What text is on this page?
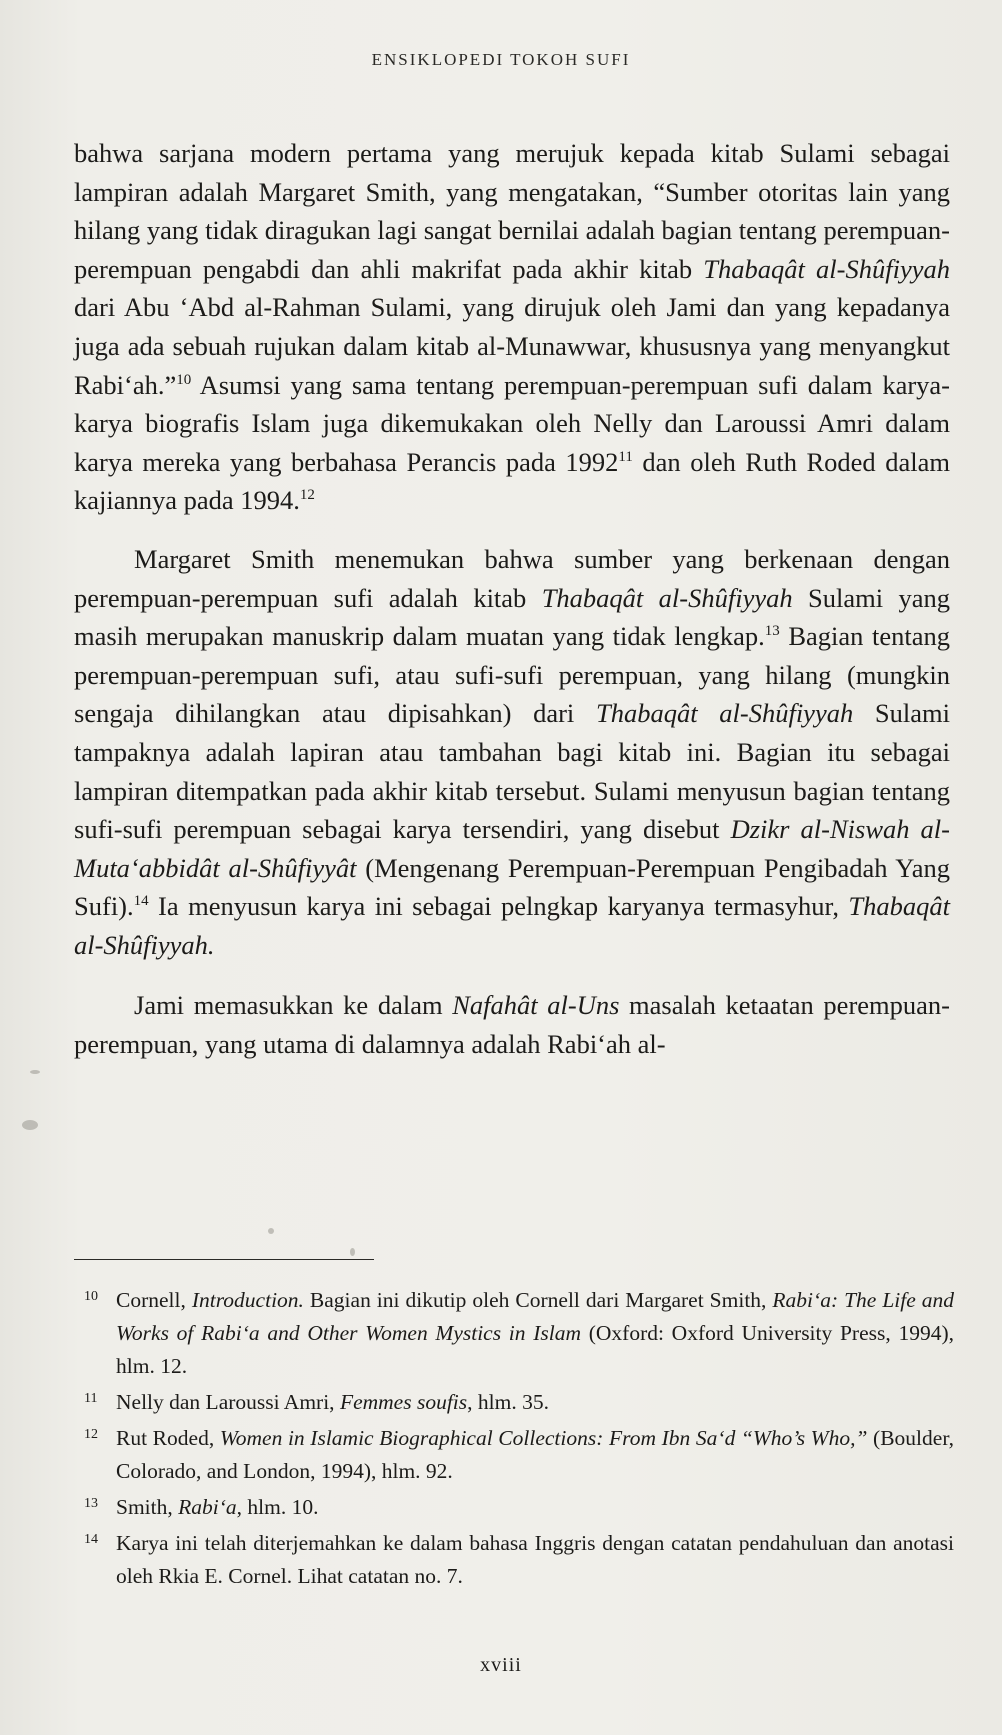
ENSIKLOPEDI TOKOH SUFI

bahwa sarjana modern pertama yang merujuk kepada kitab Sulami sebagai lampiran adalah Margaret Smith, yang mengatakan, “Sumber otoritas lain yang hilang yang tidak diragukan lagi sangat bernilai adalah bagian tentang perempuan-perempuan pengabdi dan ahli makrifat pada akhir kitab Thabaqât al-Shûfiyyah dari Abu ‘Abd al-Rahman Sulami, yang dirujuk oleh Jami dan yang kepadanya juga ada sebuah rujukan dalam kitab al-Munawwar, khususnya yang menyangkut Rabi‘ah.”$^{10}$ Asumsi yang sama tentang perempuan-perempuan sufi dalam karya-karya biografis Islam juga dikemukakan oleh Nelly dan Laroussi Amri dalam karya mereka yang berbahasa Perancis pada 1992$^{11}$ dan oleh Ruth Roded dalam kajiannya pada 1994.12

Margaret Smith menemukan bahwa sumber yang berkenaan dengan perempuan-perempuan sufi adalah kitab Thabaqât al-Shûfiyyah Sulami yang masih merupakan manuskrip dalam muatan yang tidak lengkap.$^{13}$ Bagian tentang perempuan-perempuan sufi, atau sufi-sufi perempuan, yang hilang (mungkin sengaja dihilangkan atau dipisahkan) dari Thabaqât al-Shûfiyyah Sulami tampaknya adalah lapiran atau tambahan bagi kitab ini. Bagian itu sebagai lampiran ditempatkan pada akhir kitab tersebut. Sulami menyusun bagian tentang sufi-sufi perempuan sebagai karya tersendiri, yang disebut Dzikr al-Niswah al-Muta‘abbidât al-Shûfiyyât (Mengenang Perempuan-Perempuan Pengibadah Yang Sufi).$^{14}$ Ia menyusun karya ini sebagai pelngkap karyanya termasyhur, Thabaqât al-Shûfiyyah.

Jami memasukkan ke dalam Nafahât al-Uns masalah ketaatan perempuan-perempuan, yang utama di dalamnya adalah Rabi‘ah al-

10 Cornell, Introduction. Bagian ini dikutip oleh Cornell dari Margaret Smith, Rabi‘a: The Life and Works of Rabi‘a and Other Women Mystics in Islam (Oxford: Oxford University Press, 1994), hlm. 12.
11 Nelly dan Laroussi Amri, Femmes soufis, hlm. 35.
12 Rut Roded, Women in Islamic Biographical Collections: From Ibn Sa‘d “Who’s Who,” (Boulder, Colorado, and London, 1994), hlm. 92.
13 Smith, Rabi‘a, hlm. 10.
14 Karya ini telah diterjemahkan ke dalam bahasa Inggris dengan catatan pendahuluan dan anotasi oleh Rkia E. Cornel. Lihat catatan no. 7.
xviii
